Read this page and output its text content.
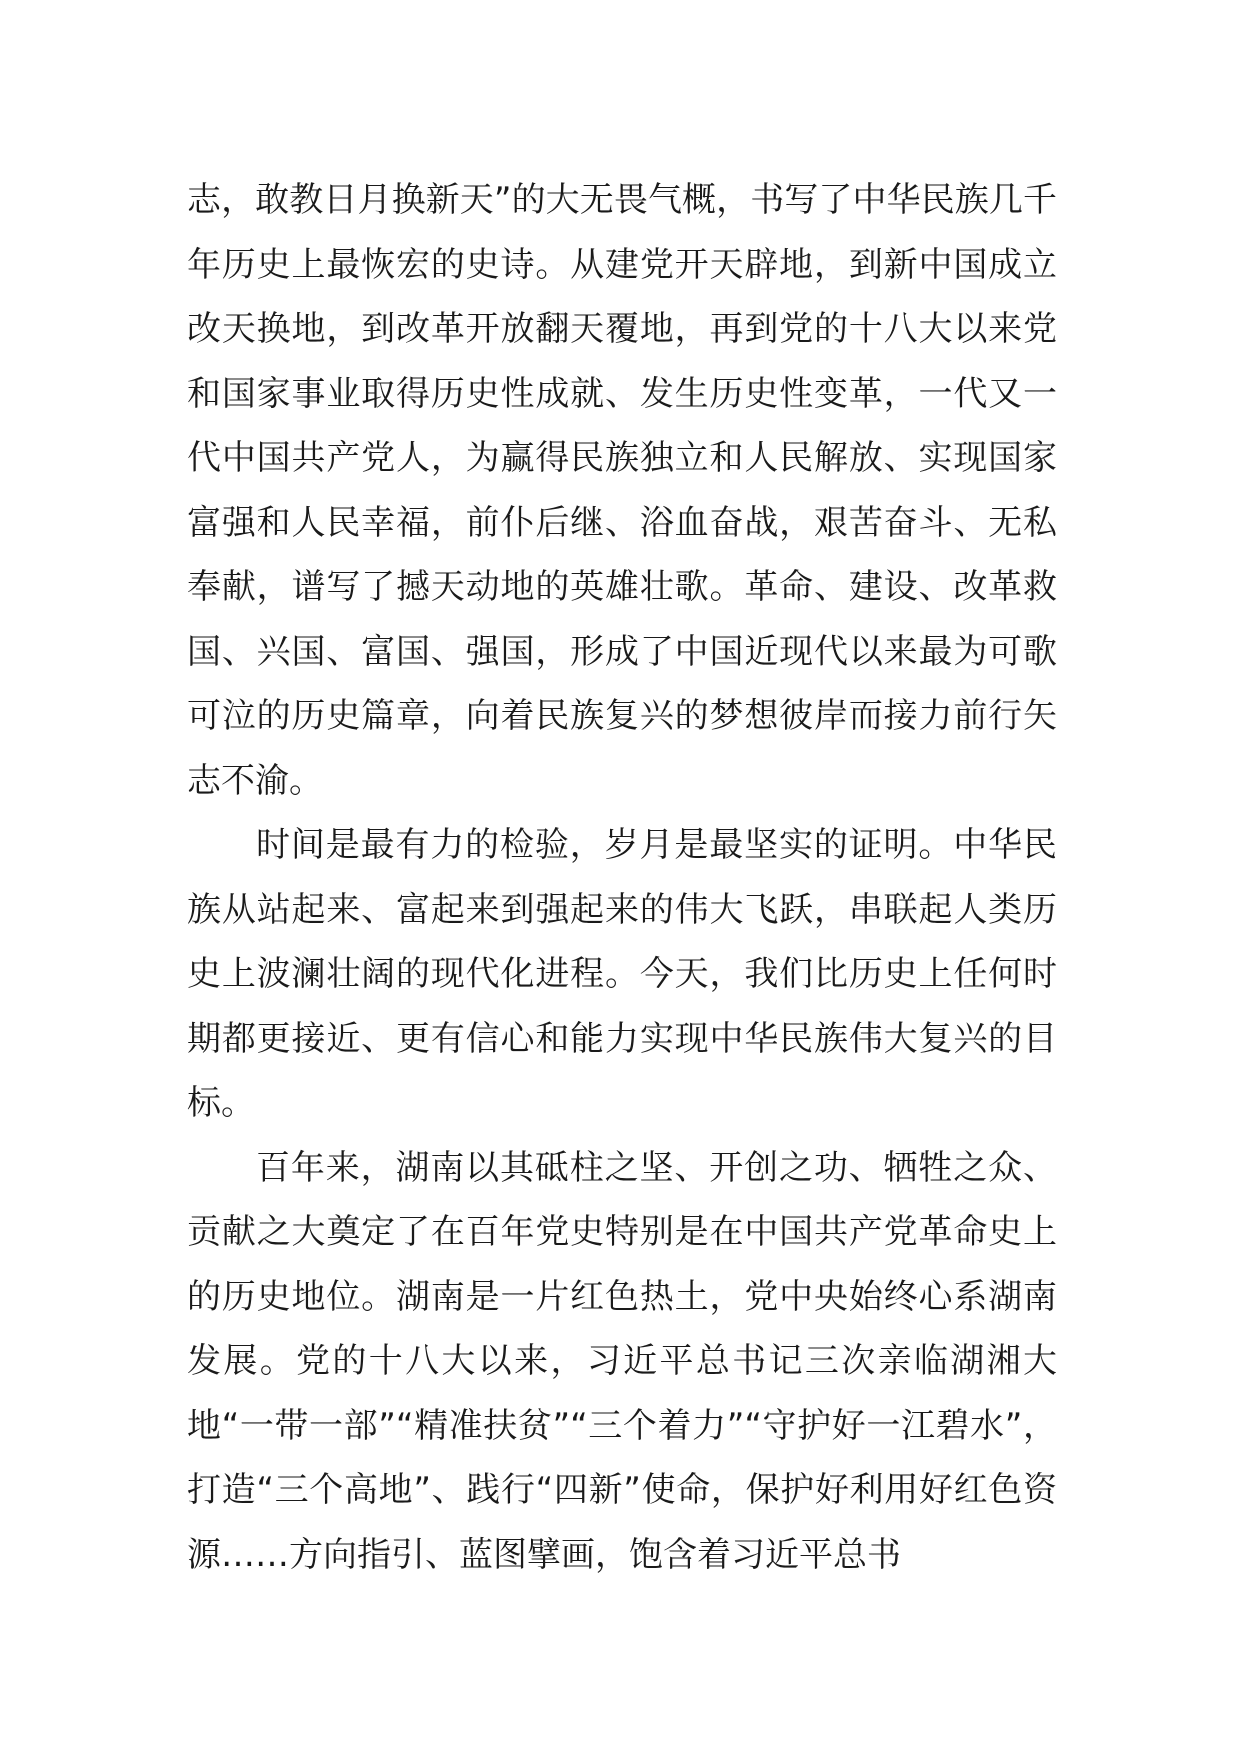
志，敢教日月换新天”的大无畏气概，书写了中华民族几千年历史上最恢宏的史诗。从建党开天辟地，到新中国成立改天换地，到改革开放翻天覆地，再到党的十八大以来党和国家事业取得历史性成就、发生历史性变革，一代又一代中国共产党人，为赢得民族独立和人民解放、实现国家富强和人民幸福，前仆后继、浴血奋战，艰苦奋斗、无私奉献，谱写了撼天动地的英雄壮歌。革命、建设、改革救国、兴国、富国、强国，形成了中国近现代以来最为可歌可泣的历史篇章，向着民族复兴的梦想彼岸而接力前行矢志不渝。

时间是最有力的检验，岁月是最坚实的证明。中华民族从站起来、富起来到强起来的伟大飞跃，串联起人类历史上波澜壮阔的现代化进程。今天，我们比历史上任何时期都更接近、更有信心和能力实现中华民族伟大复兴的目标。

百年来，湖南以其砥柱之坚、开创之功、牺牲之众、贡献之大奠定了在百年党史特别是在中国共产党革命史上的历史地位。湖南是一片红色热土，党中央始终心系湖南发展。党的十八大以来，习近平总书记三次亲临湖湘大地“一带一部”“精准扶贫”“三个着力”“守护好一江碧水”，打造“三个高地”、践行“四新”使命，保护好利用好红色资源……方向指引、蓝图擘画，饱含着习近平总书
